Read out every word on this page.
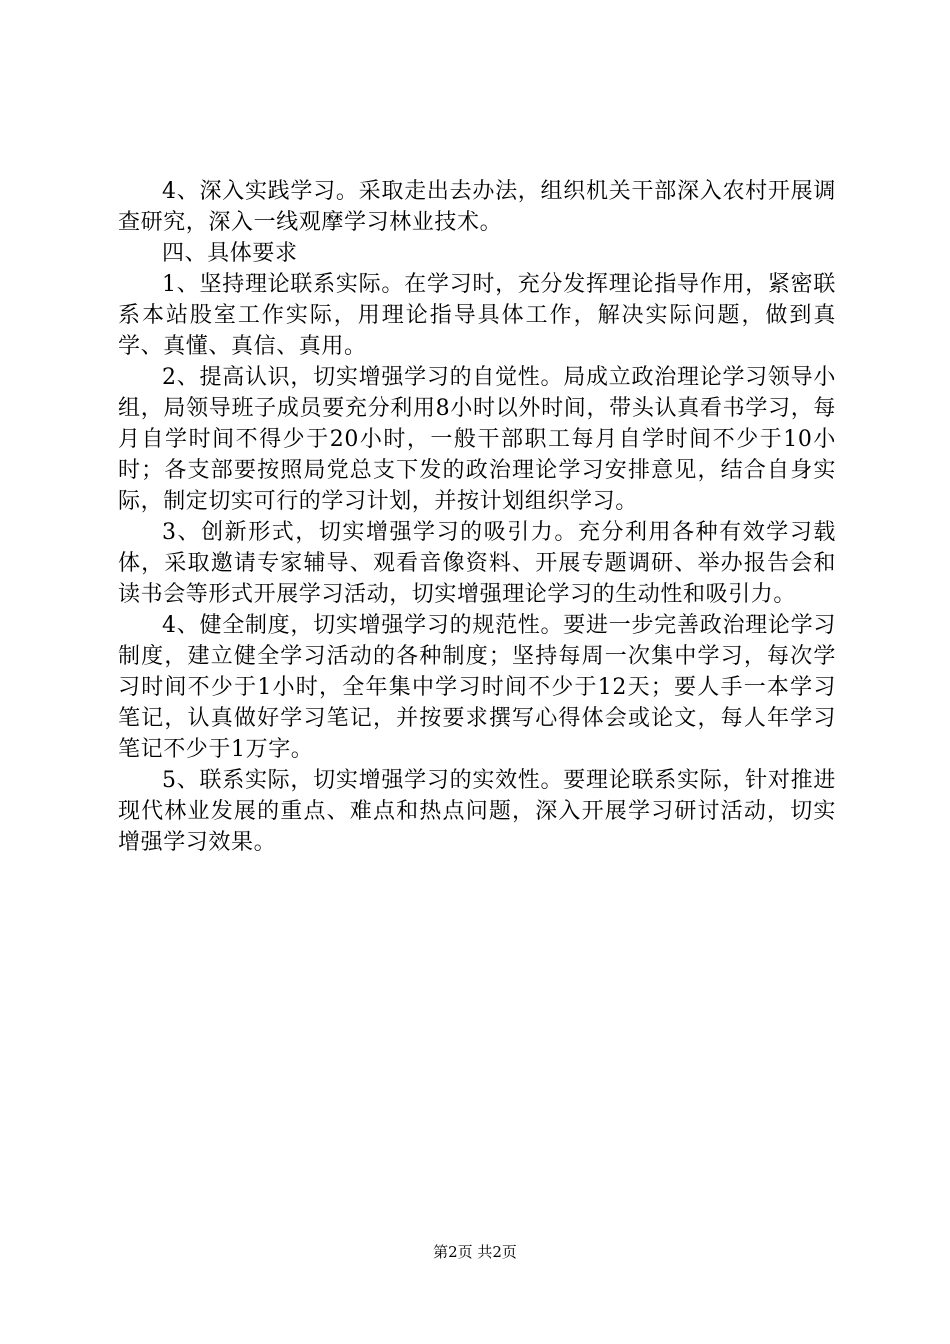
4、深入实践学习。采取走出去办法，组织机关干部深入农村开展调查研究，深入一线观摩学习林业技术。

四、具体要求

1、坚持理论联系实际。在学习时，充分发挥理论指导作用，紧密联系本站股室工作实际，用理论指导具体工作，解决实际问题，做到真学、真懂、真信、真用。

2、提高认识，切实增强学习的自觉性。局成立政治理论学习领导小组，局领导班子成员要充分利用8小时以外时间，带头认真看书学习，每月自学时间不得少于20小时，一般干部职工每月自学时间不少于10小时；各支部要按照局党总支下发的政治理论学习安排意见，结合自身实际，制定切实可行的学习计划，并按计划组织学习。

3、创新形式，切实增强学习的吸引力。充分利用各种有效学习载体，采取邀请专家辅导、观看音像资料、开展专题调研、举办报告会和读书会等形式开展学习活动，切实增强理论学习的生动性和吸引力。

4、健全制度，切实增强学习的规范性。要进一步完善政治理论学习制度，建立健全学习活动的各种制度；坚持每周一次集中学习，每次学习时间不少于1小时，全年集中学习时间不少于12天；要人手一本学习笔记，认真做好学习笔记，并按要求撰写心得体会或论文，每人年学习笔记不少于1万字。

5、联系实际，切实增强学习的实效性。要理论联系实际，针对推进现代林业发展的重点、难点和热点问题，深入开展学习研讨活动，切实增强学习效果。

第2页 共2页
